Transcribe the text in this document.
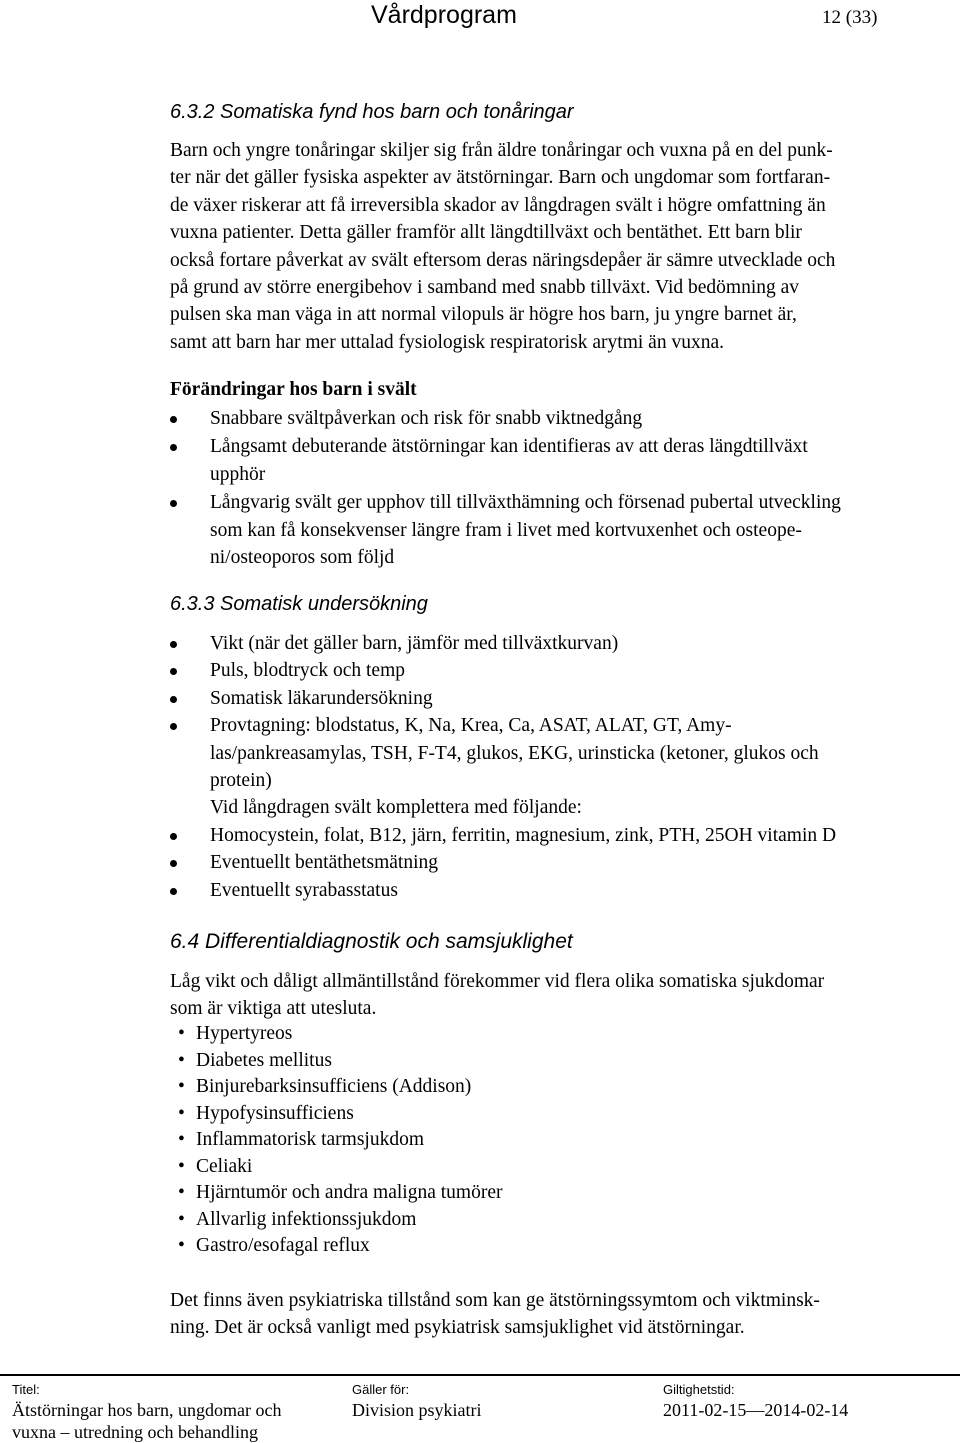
Vårdprogram	12 (33)
6.3.2 Somatiska fynd hos barn och tonåringar
Barn och yngre tonåringar skiljer sig från äldre tonåringar och vuxna på en del punk-
ter när det gäller fysiska aspekter av ätstörningar. Barn och ungdomar som fortfaran-
de växer riskerar att få irreversibla skador av långdragen svält i högre omfattning än
vuxna patienter. Detta gäller framför allt längdtillväxt och bentäthet. Ett barn blir
också fortare påverkat av svält eftersom deras näringsdepåer är sämre utvecklade och
på grund av större energibehov i samband med snabb tillväxt. Vid bedömning av
pulsen ska man väga in att normal vilopuls är högre hos barn, ju yngre barnet är,
samt att barn har mer uttalad fysiologisk respiratorisk arytmi än vuxna.
Förändringar hos barn i svält
Snabbare svältpåverkan och risk för snabb viktnedgång
Långsamt debuterande ätstörningar kan identifieras av att deras längdtillväxt
upphör
Långvarig svält ger upphov till tillväxthämning och försenad pubertal utveckling
som kan få konsekvenser längre fram i livet med kortvuxenhet och osteope-
ni/osteoporos som följd
6.3.3 Somatisk undersökning
Vikt (när det gäller barn, jämför med tillväxtkurvan)
Puls, blodtryck och temp
Somatisk läkarundersökning
Provtagning: blodstatus, K, Na, Krea, Ca, ASAT, ALAT, GT, Amy-
las/pankreasamylas, TSH, F-T4, glukos, EKG, urinsticka (ketoner, glukos och
protein)
Vid långdragen svält komplettera med följande:
Homocystein, folat, B12, järn, ferritin, magnesium, zink, PTH, 25OH vitamin D
Eventuellt bentäthetsmätning
Eventuellt syrabasstatus
6.4 Differentialdiagnostik och samsjuklighet
Låg vikt och dåligt allmäntillstånd förekommer vid flera olika somatiska sjukdomar
som är viktiga att utesluta.
• Hypertyreos
• Diabetes mellitus
• Binjurebarksinsufficiens (Addison)
• Hypofysinsufficiens
• Inflammatorisk tarmsjukdom
• Celiaki
• Hjärntumör och andra maligna tumörer
• Allvarlig infektionssjukdom
• Gastro/esofagal reflux
Det finns även psykiatriska tillstånd som kan ge ätstörningssymtom och viktminsk-
ning. Det är också vanligt med psykiatrisk samsjuklighet vid ätstörningar.
Titel:
Ätstörningar hos barn, ungdomar och
vuxna – utredning och behandling
Gäller för:
Division psykiatri
Giltighetstid:
2011-02-15—2014-02-14
